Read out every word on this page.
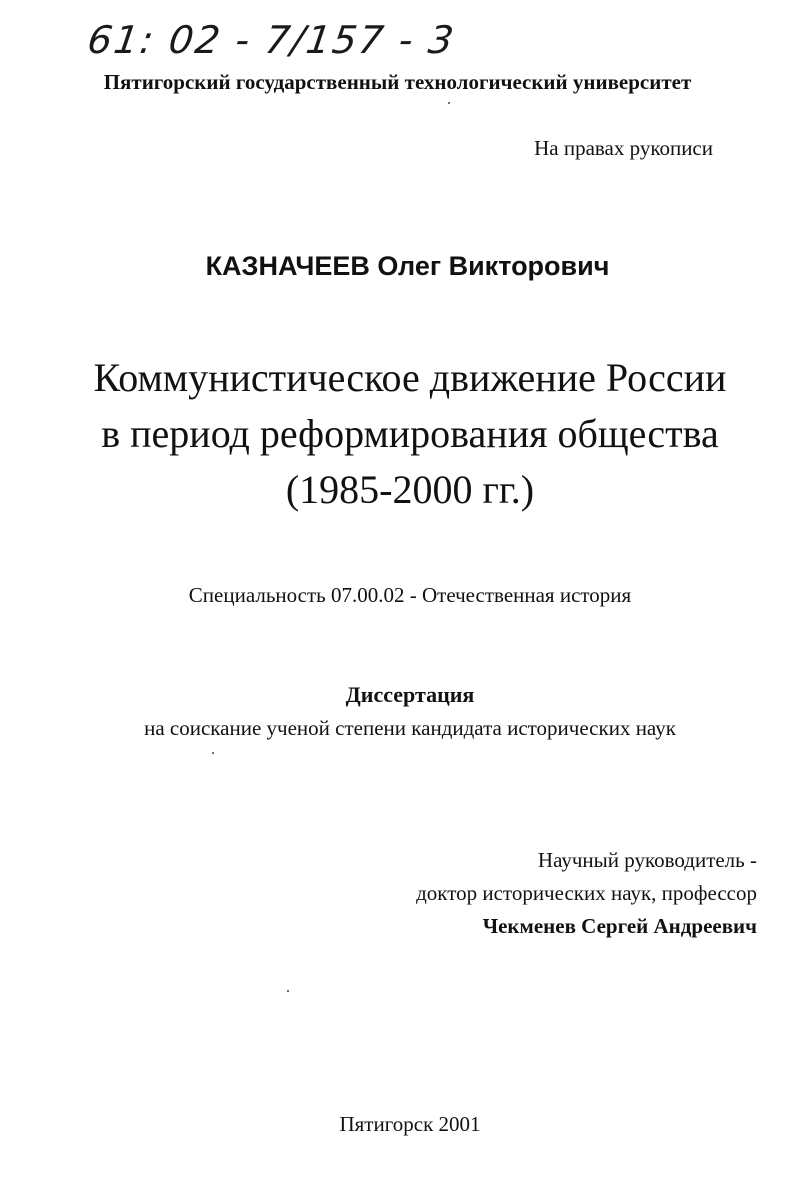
61: 02 - 7/157 - 3
Пятигорский государственный технологический университет
На правах рукописи
КАЗНАЧЕЕВ Олег Викторович
Коммунистическое движение России
в период реформирования общества
(1985-2000 гг.)
Специальность 07.00.02 - Отечественная история
Диссертация
на соискание ученой степени кандидата исторических наук
Научный руководитель -
доктор исторических наук, профессор
Чекменев Сергей Андреевич
Пятигорск 2001
